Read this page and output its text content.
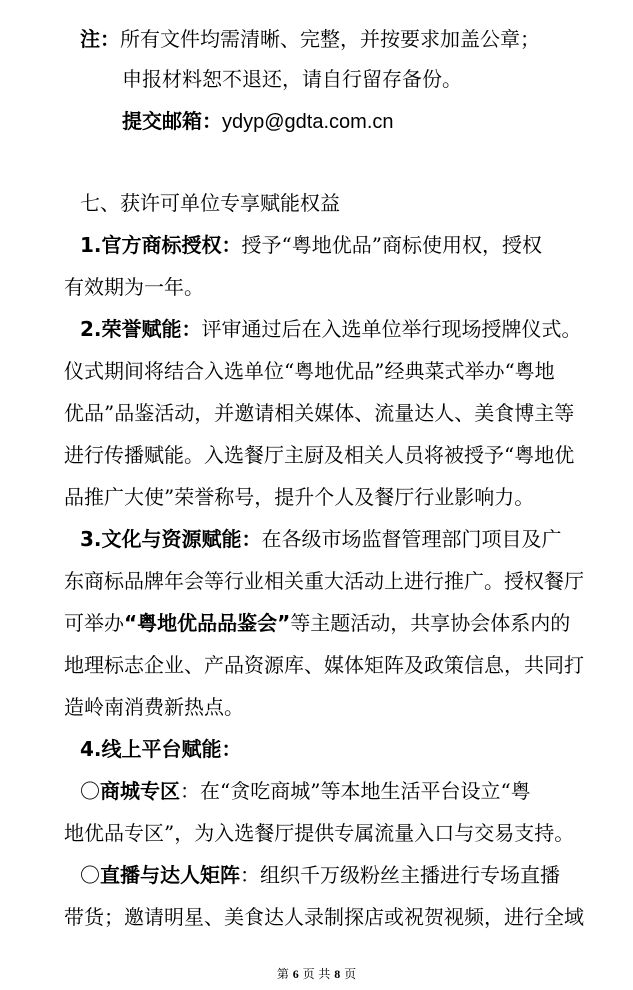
注：所有文件均需清晰、完整，并按要求加盖公章；
申报材料恕不退还，请自行留存备份。
提交邮箱：ydyp@gdta.com.cn
七、获许可单位专享赋能权益
1.官方商标授权：授予“粤地优品”商标使用权，授权
有效期为一年。
2.荣誉赋能：评审通过后在入选单位举行现场授牌仪式。
仪式期间将结合入选单位“粤地优品”经典菜式举办“粤地
优品”品鉴活动，并邀请相关媒体、流量达人、美食博主等
进行传播赋能。入选餐厅主厨及相关人员将被授予“粤地优
品推广大使”荣誉称号，提升个人及餐厅行业影响力。
3.文化与资源赋能：在各级市场监督管理部门项目及广
东商标品牌年会等行业相关重大活动上进行推广。授权餐厅
可举办“粤地优品品鉴会”等主题活动，共享协会体系内的
地理标志企业、产品资源库、媒体矩阵及政策信息，共同打
造岭南消费新热点。
4.线上平台赋能：
〇商城专区：在“贪吃商城”等本地生活平台设立“粤
地优品专区”，为入选餐厅提供专属流量入口与交易支持。
〇直播与达人矩阵：组织千万级粉丝主播进行专场直播
带货；邀请明星、美食达人录制探店或祝贺视频，进行全域
第 6 页 共 8 页
